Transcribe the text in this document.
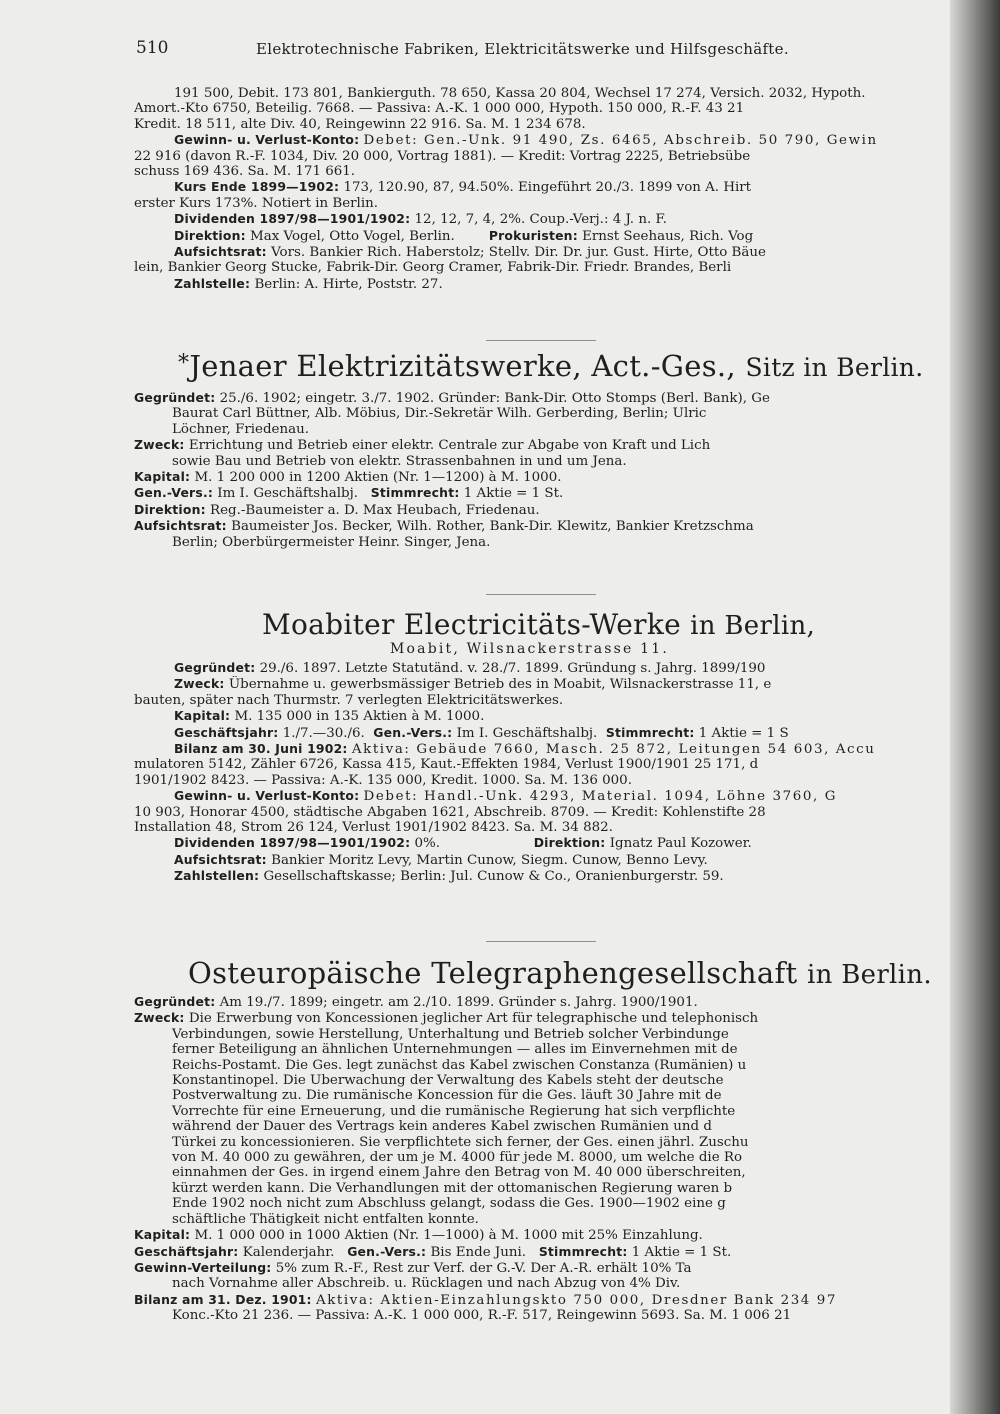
510	Elektrotechnische Fabriken, Elektricitätswerke und Hilfsgeschäfte.

191 500, Debit. 173 801, Bankierguth. 78 650, Kassa 20 804, Wechsel 17 274, Versich. 2032, Hypoth.

Amort.-Kto 6750, Beteilig. 7668. — Passiva: A.-K. 1 000 000, Hypoth. 150 000, R.-F. 43 21

Kredit. 18 511, alte Div. 40, Reingewinn 22 916. Sa. M. 1 234 678.

Gewinn- u. Verlust-Konto: Debet: Gen.-Unk. 91 490, Zs. 6465, Abschreib. 50 790, Gewin

22 916 (davon R.-F. 1034, Div. 20 000, Vortrag 1881). — Kredit: Vortrag 2225, Betriebsübe

schuss 169 436. Sa. M. 171 661.

Kurs Ende 1899—1902: 173, 120.90, 87, 94.50%. Eingeführt 20./3. 1899 von A. Hirt

erster Kurs 173%. Notiert in Berlin.

Dividenden 1897/98—1901/1902: 12, 12, 7, 4, 2%. Coup.-Verj.: 4 J. n. F.

Direktion: Max Vogel, Otto Vogel, Berlin.	Prokuristen: Ernst Seehaus, Rich. Vog

Aufsichtsrat: Vors. Bankier Rich. Haberstolz; Stellv. Dir. Dr. jur. Gust. Hirte, Otto Bäue

lein, Bankier Georg Stucke, Fabrik-Dir. Georg Cramer, Fabrik-Dir. Friedr. Brandes, Berli

Zahlstelle: Berlin: A. Hirte, Poststr. 27.

*Jenaer Elektrizitätswerke, Act.-Ges., Sitz in Berlin.

Gegründet: 25./6. 1902; eingetr. 3./7. 1902. Gründer: Bank-Dir. Otto Stomps (Berl. Bank), Ge

Baurat Carl Büttner, Alb. Möbius, Dir.-Sekretär Wilh. Gerberding, Berlin; Ulric

Löchner, Friedenau.

Zweck: Errichtung und Betrieb einer elektr. Centrale zur Abgabe von Kraft und Lich

sowie Bau und Betrieb von elektr. Strassenbahnen in und um Jena.

Kapital: M. 1 200 000 in 1200 Aktien (Nr. 1—1200) à M. 1000.

Gen.-Vers.: Im I. Geschäftshalbj. Stimmrecht: 1 Aktie = 1 St.

Direktion: Reg.-Baumeister a. D. Max Heubach, Friedenau.

Aufsichtsrat: Baumeister Jos. Becker, Wilh. Rother, Bank-Dir. Klewitz, Bankier Kretzschma

Berlin; Oberbürgermeister Heinr. Singer, Jena.

Moabiter Electricitäts-Werke in Berlin,
Moabit, Wilsnackerstrasse 11.

Gegründet: 29./6. 1897. Letzte Statutänd. v. 28./7. 1899. Gründung s. Jahrg. 1899/190

Zweck: Übernahme u. gewerbsmässiger Betrieb des in Moabit, Wilsnackerstrasse 11, e

bauten, später nach Thurmstr. 7 verlegten Elektricitätswerkes.

Kapital: M. 135 000 in 135 Aktien à M. 1000.

Geschäftsjahr: 1./7.—30./6. Gen.-Vers.: Im I. Geschäftshalbj. Stimmrecht: 1 Aktie = 1 S

Bilanz am 30. Juni 1902: Aktiva: Gebäude 7660, Masch. 25 872, Leitungen 54 603, Accu

mulatoren 5142, Zähler 6726, Kassa 415, Kaut.-Effekten 1984, Verlust 1900/1901 25 171, d

1901/1902 8423. — Passiva: A.-K. 135 000, Kredit. 1000. Sa. M. 136 000.

Gewinn- u. Verlust-Konto: Debet: Handl.-Unk. 4293, Material. 1094, Löhne 3760, G

10 903, Honorar 4500, städtische Abgaben 1621, Abschreib. 8709. — Kredit: Kohlenstifte 28

Installation 48, Strom 26 124, Verlust 1901/1902 8423. Sa. M. 34 882.

Dividenden 1897/98—1901/1902: 0%.	Direktion: Ignatz Paul Kozower.

Aufsichtsrat: Bankier Moritz Levy, Martin Cunow, Siegm. Cunow, Benno Levy.

Zahlstellen: Gesellschaftskasse; Berlin: Jul. Cunow & Co., Oranienburgerstr. 59.

Osteuropäische Telegraphengesellschaft in Berlin.

Gegründet: Am 19./7. 1899; eingetr. am 2./10. 1899. Gründer s. Jahrg. 1900/1901.

Zweck: Die Erwerbung von Koncessionen jeglicher Art für telegraphische und telephonisch

Verbindungen, sowie Herstellung, Unterhaltung und Betrieb solcher Verbindunge

ferner Beteiligung an ähnlichen Unternehmungen — alles im Einvernehmen mit de

Reichs-Postamt. Die Ges. legt zunächst das Kabel zwischen Constanza (Rumänien) u

Konstantinopel. Die Überwachung der Verwaltung des Kabels steht der deutsche

Postverwaltung zu. Die rumänische Koncession für die Ges. läuft 30 Jahre mit de

Vorrechte für eine Erneuerung, und die rumänische Regierung hat sich verpflichte

während der Dauer des Vertrags kein anderes Kabel zwischen Rumänien und d

Türkei zu koncessionieren. Sie verpflichtete sich ferner, der Ges. einen jährl. Zuschu

von M. 40 000 zu gewähren, der um je M. 4000 für jede M. 8000, um welche die Ro

einnahmen der Ges. in irgend einem Jahre den Betrag von M. 40 000 überschreiten,

kürzt werden kann. Die Verhandlungen mit der ottomanischen Regierung waren b

Ende 1902 noch nicht zum Abschluss gelangt, sodass die Ges. 1900—1902 eine g

schäftliche Thätigkeit nicht entfalten konnte.

Kapital: M. 1 000 000 in 1000 Aktien (Nr. 1—1000) à M. 1000 mit 25% Einzahlung.

Geschäftsjahr: Kalenderjahr. Gen.-Vers.: Bis Ende Juni. Stimmrecht: 1 Aktie = 1 St.

Gewinn-Verteilung: 5% zum R.-F., Rest zur Verf. der G.-V. Der A.-R. erhält 10% Ta

nach Vornahme aller Abschreib. u. Rücklagen und nach Abzug von 4% Div.

Bilanz am 31. Dez. 1901: Aktiva: Aktien-Einzahlungskto 750 000, Dresdner Bank 234 97

Konc.-Kto 21 236. — Passiva: A.-K. 1 000 000, R.-F. 517, Reingewinn 5693. Sa. M. 1 006 21
